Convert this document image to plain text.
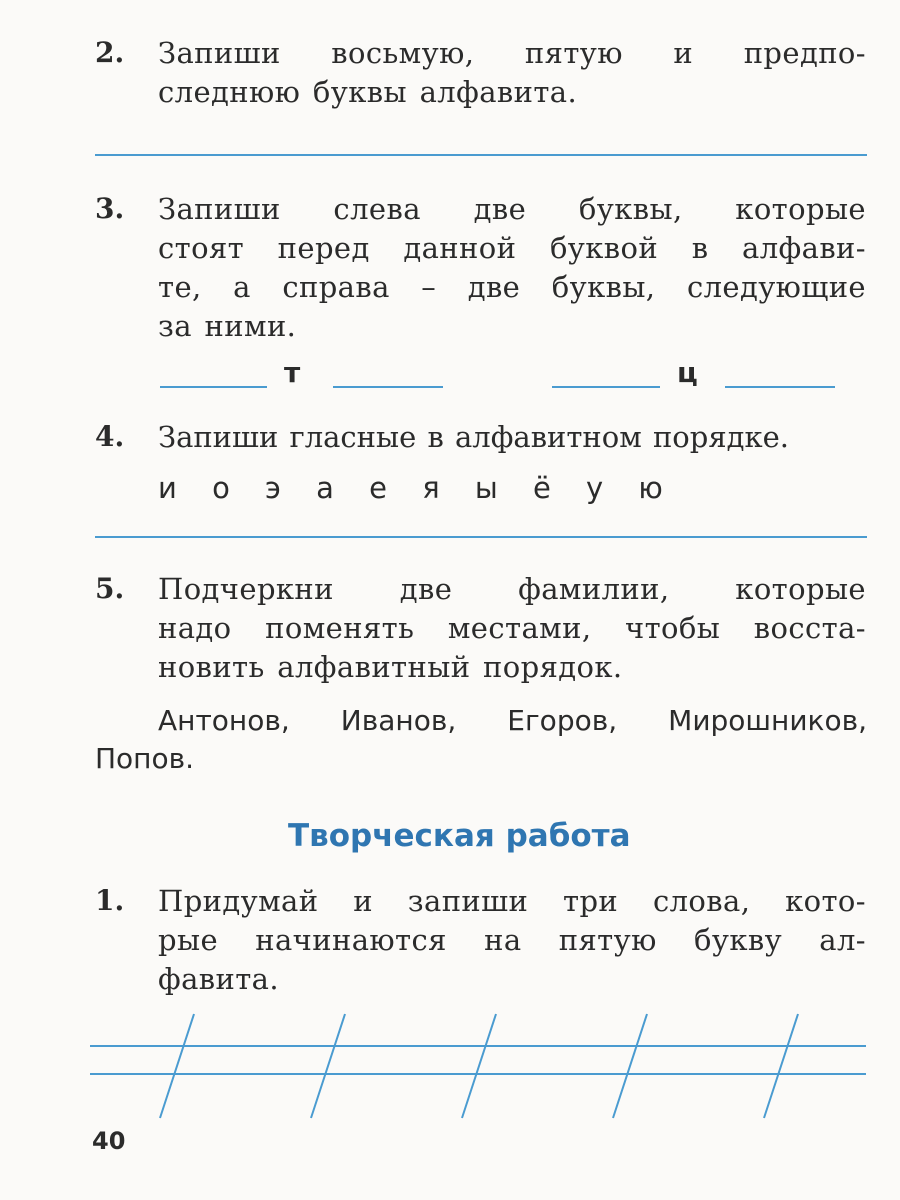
2. Запиши восьмую, пятую и предпо-
следнюю буквы алфавита.
3. Запиши слева две буквы, которые
стоят перед данной буквой в алфави-
те, а справа – две буквы, следующие
за ними.
т	ц
4. Запиши гласные в алфавитном порядке.
и о э а е я ы ё у ю
5. Подчеркни две фамилии, которые
надо поменять местами, чтобы восста-
новить алфавитный порядок.
Антонов, Иванов, Егоров, Мирошников,
Попов.
Творческая работа
1. Придумай и запиши три слова, кото-
рые начинаются на пятую букву ал-
фавита.
40
